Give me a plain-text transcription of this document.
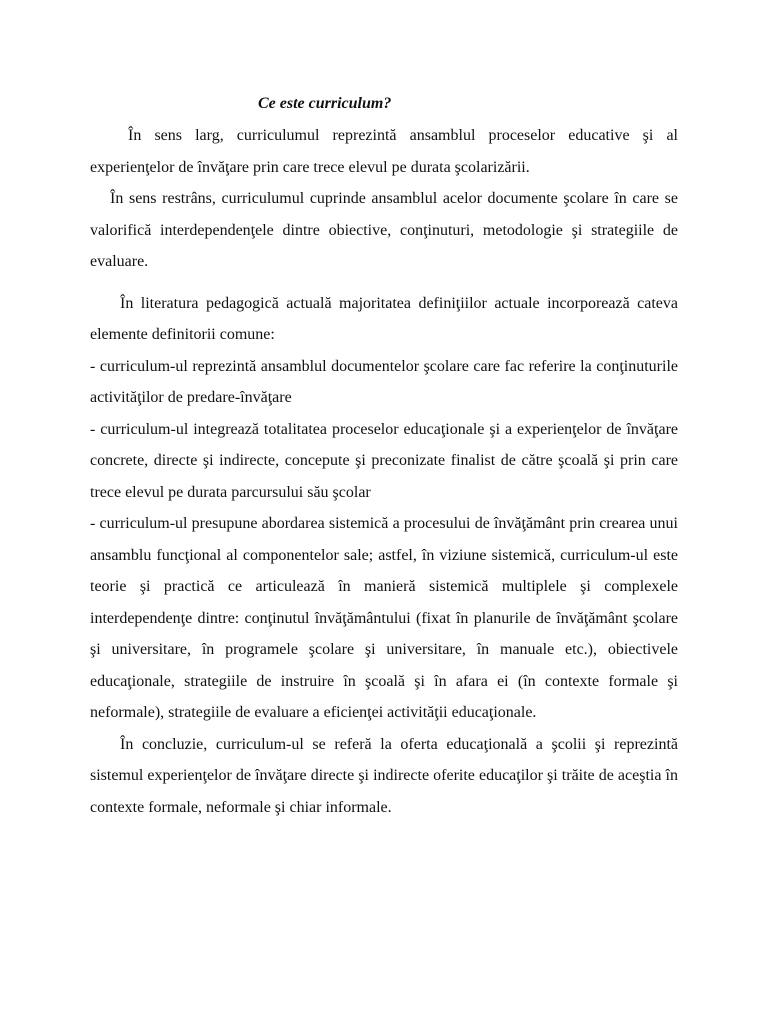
Ce este curriculum?

În sens larg, curriculumul reprezintă ansamblul proceselor educative şi al experienţelor de învăţare prin care trece elevul pe durata şcolarizării.

În sens restrâns, curriculumul cuprinde ansamblul acelor documente şcolare în care se valorifică interdependenţele dintre obiective, conţinuturi, metodologie şi strategiile de evaluare.

În literatura pedagogică actuală majoritatea definiţiilor actuale incorporează cateva elemente definitorii comune:

- curriculum-ul reprezintă ansamblul documentelor şcolare care fac referire la conţinuturile activităţilor de predare-învăţare

- curriculum-ul integrează totalitatea proceselor educaţionale şi a experienţelor de învăţare concrete, directe şi indirecte, concepute şi preconizate finalist de către şcoală şi prin care trece elevul pe durata parcursului său şcolar

- curriculum-ul presupune abordarea sistemică a procesului de învăţământ prin crearea unui ansamblu funcţional al componentelor sale; astfel, în viziune sistemică, curriculum-ul este teorie şi practică ce articulează în manieră sistemică multiplele şi complexele interdependenţe dintre: conţinutul învăţământului (fixat în planurile de învăţământ şcolare şi universitare, în programele şcolare şi universitare, în manuale etc.), obiectivele educaţionale, strategiile de instruire în şcoală şi în afara ei (în contexte formale şi neformale), strategiile de evaluare a eficienţei activităţii educaţionale.

În concluzie, curriculum-ul se referă la oferta educaţională a şcolii şi reprezintă sistemul experienţelor de învăţare directe şi indirecte oferite educaţilor şi trăite de aceştia în contexte formale, neformale şi chiar informale.
